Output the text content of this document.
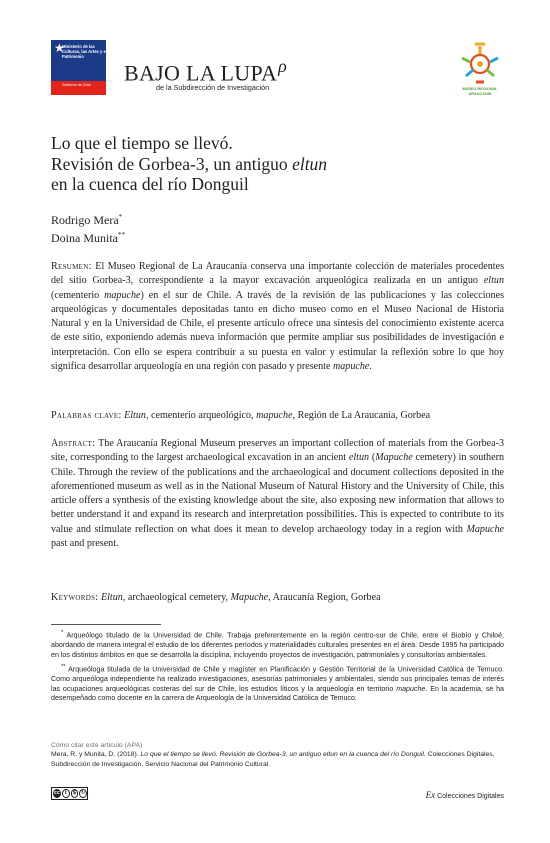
★
Ministerio de las Culturas, las Artes y el Patrimonio
Gobierno de Chile	BAJO LA $LUPA^\rho$
de la Subdirección de Investigación	MUSEO REGIONAL
ARAUCANÍA
Lo que el tiempo se llevó.
Revisión de Gorbea-3, un antiguo eltun
en la cuenca del río Donguil
Rodrigo Mera*
Doina Munita**
Resumen: El Museo Regional de La Araucanía conserva una importante colección de materiales procedentes del sitio Gorbea-3, correspondiente a la mayor excavación arqueológica realizada en un antiguo eltun (cementerio mapuche) en el sur de Chile. A través de la revisión de las publicaciones y las colecciones arqueológicas y documentales depositadas tanto en dicho museo como en el Museo Nacional de Historia Natural y en la Universidad de Chile, el presente artículo ofrece una síntesis del conocimiento existente acerca de este sitio, exponiendo además nueva información que permite ampliar sus posibilidades de investigación e interpretación. Con ello se espera contribuir a su puesta en valor y estimular la reflexión sobre lo que hoy significa desarrollar arqueología en una región con pasado y presente mapuche.
Palabras clave: Eltun, cementerio arqueológico, mapuche, Región de La Araucanía, Gorbea
Abstract: The Araucanía Regional Museum preserves an important collection of materials from the Gorbea-3 site, corresponding to the largest archaeological excavation in an ancient eltun (Mapuche cemetery) in southern Chile. Through the review of the publications and the archaeological and document collections deposited in the aforementioned museum as well as in the National Museum of Natural History and the University of Chile, this article offers a synthesis of the existing knowledge about the site, also exposing new information that allows to better understand it and expand its research and interpretation possibilities. This is expected to contribute to its value and stimulate reflection on what does it mean to develop archaeology today in a region with Mapuche past and present.
Keywords: Eltun, archaeological cemetery, Mapuche, Araucanía Region, Gorbea

* Arqueólogo titulado de la Universidad de Chile. Trabaja preferentemente en la región centro-sur de Chile, entre el Biobío y Chiloé, abordando de manera integral el estudio de los diferentes períodos y materialidades culturales presentes en el área. Desde 1995 ha participado en los distintos ámbitos en que se desarrolla la disciplina, incluyendo proyectos de investigación, patrimoniales y consultorías ambientales.

** Arqueóloga titulada de la Universidad de Chile y magíster en Planificación y Gestión Territorial de la Universidad Católica de Temuco. Como arqueóloga independiente ha realizado investigaciones, asesorías patrimoniales y ambientales, siendo sus principales temas de interés las ocupaciones arqueológicas costeras del sur de Chile, los estudios líticos y la arqueología en territorio mapuche. En la academia, se ha desempeñado como docente en la carrera de Arqueología de la Universidad Católica de Temuco.

Cómo citar este artículo (APA)
Mera, R. y Munita, D. (2018). Lo que el tiempo se llevó. Revisión de Gorbea-3, un antiguo eltun en la cuenca del río Donguil. Colecciones Digitales, Subdirección de Investigación, Servicio Nacional del Patrimonio Cultural.
cc i	$ ↻	Ex Colecciones Digitales
